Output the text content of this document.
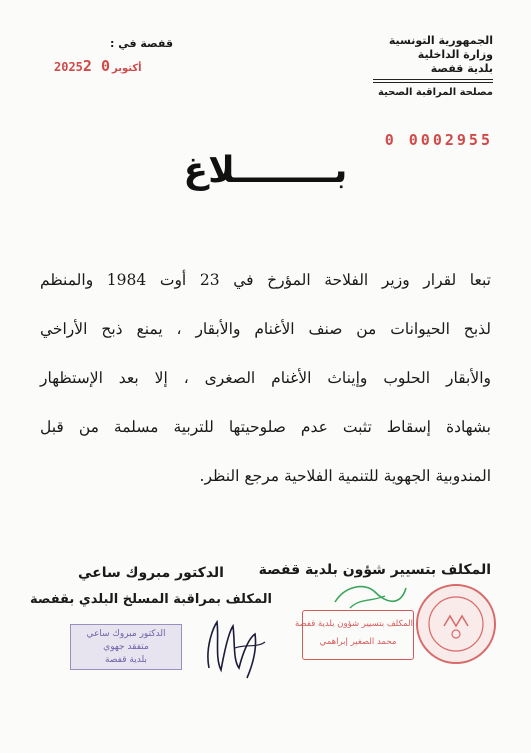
الجمهورية التونسية
وزارة الداخلية
بلدية قفصة
مصلحة المراقبة الصحية
0 0002955
قفصة في :
2025	أكتوبر0 2
بــــــــلاغ
تبعا لقرار وزير الفلاحة المؤرخ في 23 أوت 1984 والمنظم
لذبح الحيوانات من صنف الأغنام والأبقار ، يمنع ذبح الأراخي
والأبقار الحلوب وإيناث الأغنام الصغرى ، إلا بعد الإستظهار
بشهادة إسقاط تثبت عدم صلوحيتها للتربية مسلمة من قبل
المندوبية الجهوية للتنمية الفلاحية مرجع النظر.
المكلف بتسيير شؤون بلدية قفصة
الدكتور مبروك ساعي
المكلف بمراقبة المسلخ البلدي بقفصة
المكلف بتسيير شؤون بلدية قفصة
محمد الصغير إبراهمي
الدكتور مبروك ساعي
متفقد جهوي
بلدية قفصة
